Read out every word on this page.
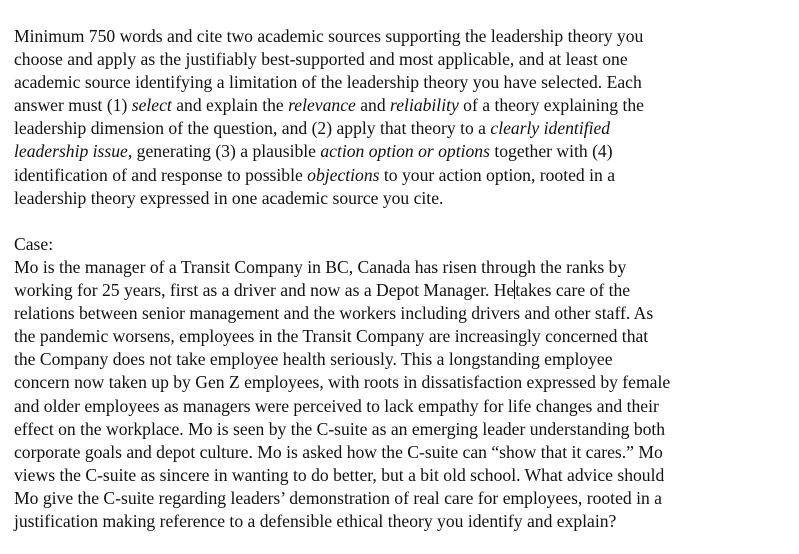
Minimum 750 words and cite two academic sources supporting the leadership theory you
choose and apply as the justifiably best-supported and most applicable, and at least one
academic source identifying a limitation of the leadership theory you have selected. Each
answer must (1) select and explain the relevance and reliability of a theory explaining the
leadership dimension of the question, and (2) apply that theory to a clearly identified
leadership issue, generating (3) a plausible action option or options together with (4)
identification of and response to possible objections to your action option, rooted in a
leadership theory expressed in one academic source you cite.
Case:
Mo is the manager of a Transit Company in BC, Canada has risen through the ranks by
working for 25 years, first as a driver and now as a Depot Manager. Hetakes care of the
relations between senior management and the workers including drivers and other staff. As
the pandemic worsens, employees in the Transit Company are increasingly concerned that
the Company does not take employee health seriously. This a longstanding employee
concern now taken up by Gen Z employees, with roots in dissatisfaction expressed by female
and older employees as managers were perceived to lack empathy for life changes and their
effect on the workplace. Mo is seen by the C-suite as an emerging leader understanding both
corporate goals and depot culture. Mo is asked how the C-suite can “show that it cares.” Mo
views the C-suite as sincere in wanting to do better, but a bit old school. What advice should
Mo give the C-suite regarding leaders’ demonstration of real care for employees, rooted in a
justification making reference to a defensible ethical theory you identify and explain?
